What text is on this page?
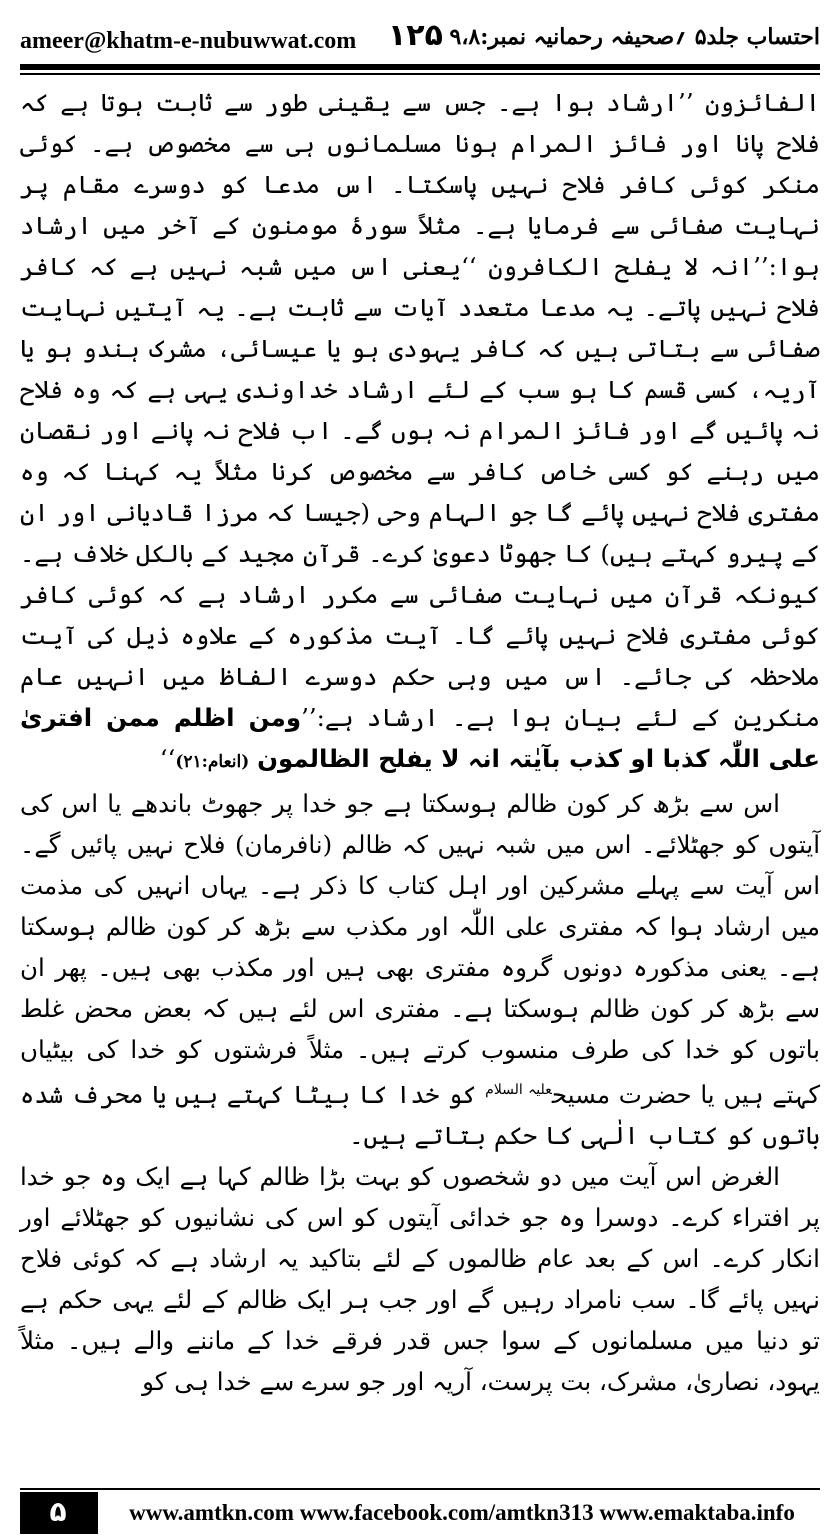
ameer@khatm-e-nubuwwat.com ۱۲۵ احتساب جلد۵ ؍صحیفہ رحمانیہ نمبر:۹،۸

الفائزون ’’ارشاد ہوا ہے۔ جس سے یقینی طور سے ثابت ہوتا ہے کہ فلاح پانا اور فائز المرام ہونا مسلمانوں ہی سے مخصوص ہے۔ کوئی منکر کوئی کافر فلاح نہیں پاسکتا۔ اس مدعا کو دوسرے مقام پر نہایت صفائی سے فرمایا ہے۔ مثلاً سورۂ مومنون کے آخر میں ارشاد ہوا:’’انہ لا یفلح الکافرون ‘‘یعنی اس میں شبہ نہیں ہے کہ کافر فلاح نہیں پاتے۔ یہ مدعا متعدد آیات سے ثابت ہے۔ یہ آیتیں نہایت صفائی سے بتاتی ہیں کہ کافر یہودی ہو یا عیسائی، مشرک ہندو ہو یا آریہ، کسی قسم کا ہو سب کے لئے ارشاد خداوندی یہی ہے کہ وہ فلاح نہ پائیں گے اور فائز المرام نہ ہوں گے۔ اب فلاح نہ پانے اور نقصان میں رہنے کو کسی خاص کافر سے مخصوص کرنا مثلاً یہ کہنا کہ وہ مفتری فلاح نہیں پائے گا جو الہام وحی (جیسا کہ مرزا قادیانی اور ان کے پیرو کہتے ہیں) کا جھوٹا دعویٰ کرے۔ قرآن مجید کے بالکل خلاف ہے۔ کیونکہ قرآن میں نہایت صفائی سے مکرر ارشاد ہے کہ کوئی کافر کوئی مفتری فلاح نہیں پائے گا۔ آیت مذکورہ کے علاوہ ذیل کی آیت ملاحظہ کی جائے۔ اس میں وہی حکم دوسرے الفاظ میں انہیں عام منکرین کے لئے بیان ہوا ہے۔ ارشاد ہے:’’ومن اظلم ممن افتریٰ علی اللّٰہ کذبا او کذب بآیٰتہ انہ لا یفلح الظالمون (انعام:۲۱)‘‘

اس سے بڑھ کر کون ظالم ہوسکتا ہے جو خدا پر جھوٹ باندھے یا اس کی آیتوں کو جھٹلائے۔ اس میں شبہ نہیں کہ ظالم (نافرمان) فلاح نہیں پائیں گے۔ اس آیت سے پہلے مشرکین اور اہل کتاب کا ذکر ہے۔ یہاں انہیں کی مذمت میں ارشاد ہوا کہ مفتری علی اللّٰہ اور مکذب سے بڑھ کر کون ظالم ہوسکتا ہے۔ یعنی مذکورہ دونوں گروہ مفتری بھی ہیں اور مکذب بھی ہیں۔ پھر ان سے بڑھ کر کون ظالم ہوسکتا ہے۔ مفتری اس لئے ہیں کہ بعض محض غلط باتوں کو خدا کی طرف منسوب کرتے ہیں۔ مثلاً فرشتوں کو خدا کی بیٹیاں کہتے ہیں یا حضرت مسیح$^{علیہ السلام}$ کو خدا کا بیٹا کہتے ہیں یا محرف شدہ باتوں کو کتاب الٰہی کا حکم بتاتے ہیں۔

الغرض اس آیت میں دو شخصوں کو بہت بڑا ظالم کہا ہے ایک وہ جو خدا پر افتراء کرے۔ دوسرا وہ جو خدائی آیتوں کو اس کی نشانیوں کو جھٹلائے اور انکار کرے۔ اس کے بعد عام ظالموں کے لئے بتاکید یہ ارشاد ہے کہ کوئی فلاح نہیں پائے گا۔ سب نامراد رہیں گے اور جب ہر ایک ظالم کے لئے یہی حکم ہے تو دنیا میں مسلمانوں کے سوا جس قدر فرقے خدا کے ماننے والے ہیں۔ مثلاً یہود، نصاریٰ، مشرک، بت پرست، آریہ اور جو سرے سے خدا ہی کو

۵	www.amtkn.com www.facebook.com/amtkn313 www.emaktaba.info
